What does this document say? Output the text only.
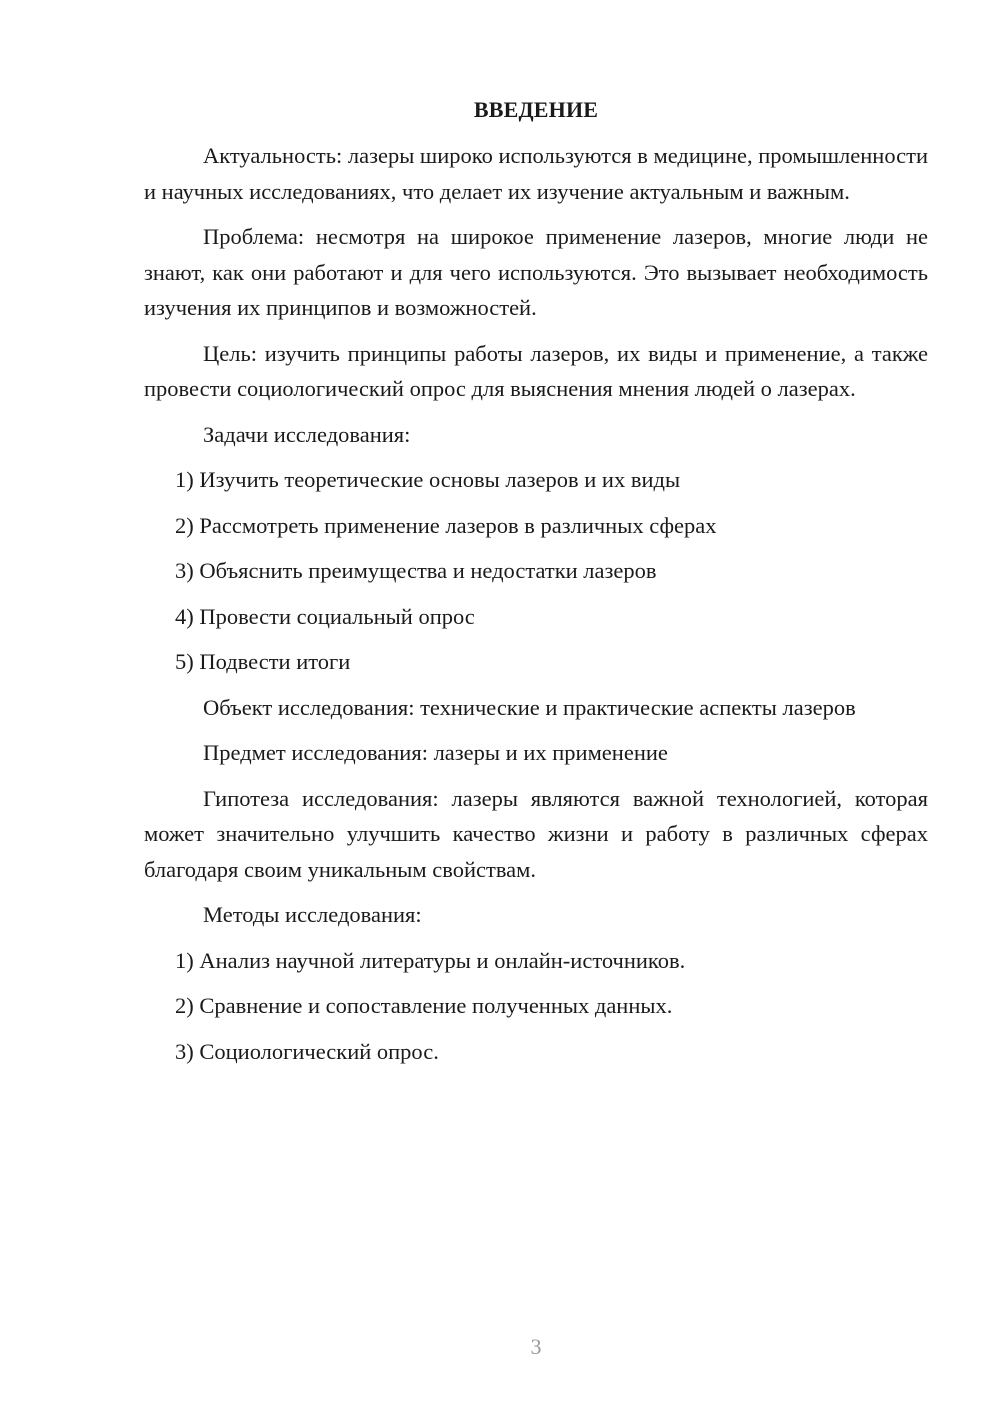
ВВЕДЕНИЕ

Актуальность: лазеры широко используются в медицине, промышленности и научных исследованиях, что делает их изучение актуальным и важным.

Проблема: несмотря на широкое применение лазеров, многие люди не знают, как они работают и для чего используются. Это вызывает необходимость изучения их принципов и возможностей.

Цель: изучить принципы работы лазеров, их виды и применение, а также провести социологический опрос для выяснения мнения людей о лазерах.

Задачи исследования:
1) Изучить теоретические основы лазеров и их виды
2) Рассмотреть применение лазеров в различных сферах
3) Объяснить преимущества и недостатки лазеров
4) Провести социальный опрос
5) Подвести итоги
Объект исследования: технические и практические аспекты лазеров
Предмет исследования: лазеры и их применение

Гипотеза исследования: лазеры являются важной технологией, которая может значительно улучшить качество жизни и работу в различных сферах благодаря своим уникальным свойствам.

Методы исследования:
1) Анализ научной литературы и онлайн-источников.
2) Сравнение и сопоставление полученных данных.
3) Социологический опрос.
3
